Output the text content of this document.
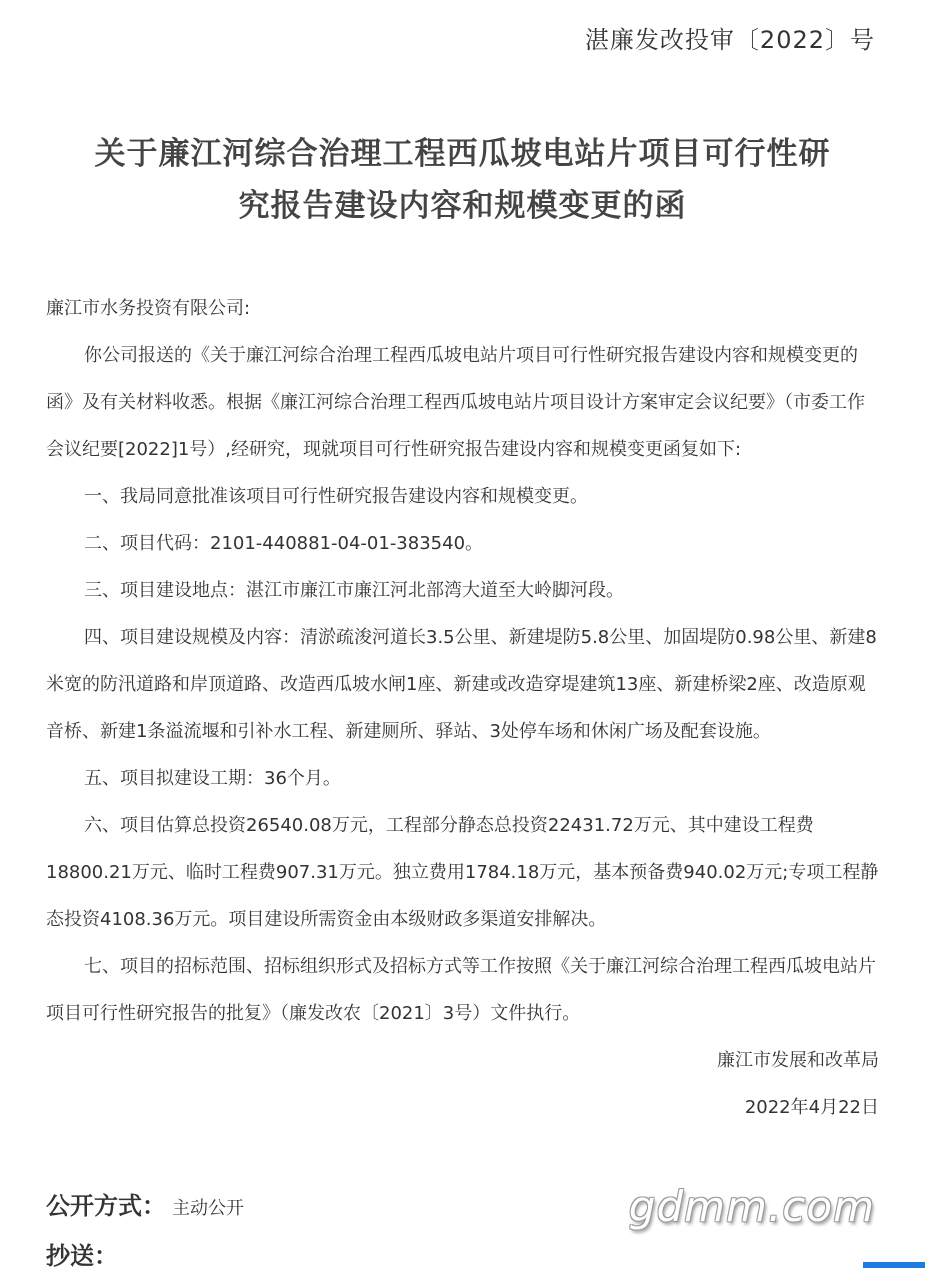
湛廉发改投审〔2022〕号
关于廉江河综合治理工程西瓜坡电站片项目可行性研
究报告建设内容和规模变更的函

廉江市水务投资有限公司:

你公司报送的《关于廉江河综合治理工程西瓜坡电站片项目可行性研究报告建设内容和规模变更的函》及有关材料收悉。根据《廉江河综合治理工程西瓜坡电站片项目设计方案审定会议纪要》（市委工作会议纪要[2022]1号）,经研究，现就项目可行性研究报告建设内容和规模变更函复如下:

一、我局同意批准该项目可行性研究报告建设内容和规模变更。

二、项目代码：2101-440881-04-01-383540。

三、项目建设地点：湛江市廉江市廉江河北部湾大道至大岭脚河段。

四、项目建设规模及内容：清淤疏浚河道长3.5公里、新建堤防5.8公里、加固堤防0.98公里、新建8米宽的防汛道路和岸顶道路、改造西瓜坡水闸1座、新建或改造穿堤建筑13座、新建桥梁2座、改造原观音桥、新建1条溢流堰和引补水工程、新建厕所、驿站、3处停车场和休闲广场及配套设施。

五、项目拟建设工期：36个月。

六、项目估算总投资26540.08万元，工程部分静态总投资22431.72万元、其中建设工程费18800.21万元、临时工程费907.31万元。独立费用1784.18万元，基本预备费940.02万元;专项工程静态投资4108.36万元。项目建设所需资金由本级财政多渠道安排解决。

七、项目的招标范围、招标组织形式及招标方式等工作按照《关于廉江河综合治理工程西瓜坡电站片项目可行性研究报告的批复》（廉发改农〔2021〕3号）文件执行。

廉江市发展和改革局

2022年4月22日

公开方式： 主动公开
抄送：
gdmm.com
